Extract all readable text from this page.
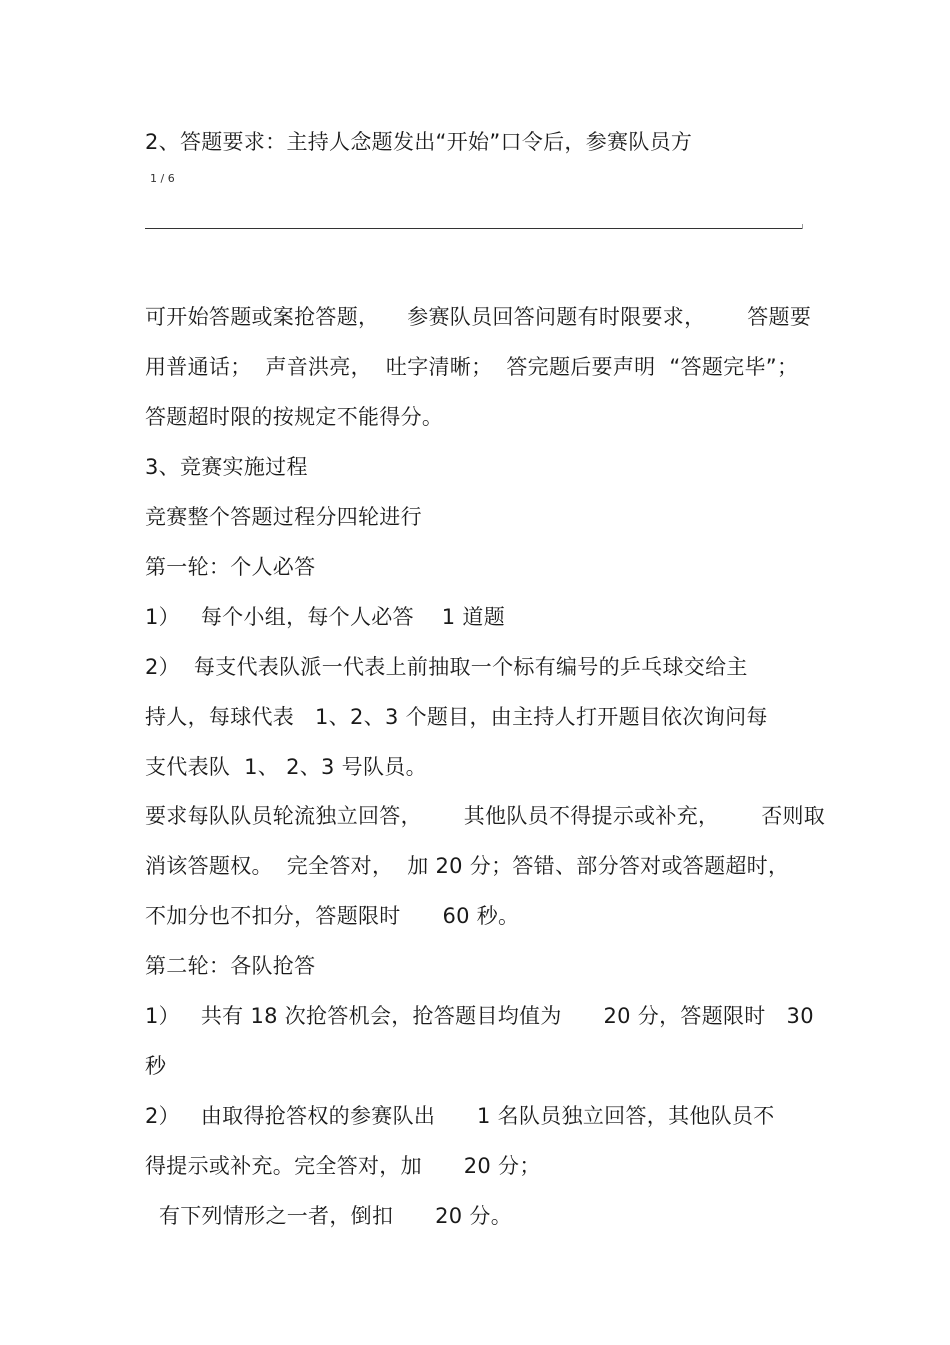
2、答题要求：主持人念题发出“开始”口令后，参赛队员方
1 / 6
可开始答题或案抢答题，    参赛队员回答问题有时限要求，      答题要
用普通话；  声音洪亮，  吐字清晰；  答完题后要声明  “答题完毕”；
答题超时限的按规定不能得分。
3、竞赛实施过程
竞赛整个答题过程分四轮进行
第一轮：个人必答
1）   每个小组，每个人必答    1 道题
2）  每支代表队派一代表上前抽取一个标有编号的乒乓球交给主
持人，每球代表   1、2、3 个题目，由主持人打开题目依次询问每
支代表队  1、 2、3 号队员。
要求每队队员轮流独立回答，      其他队员不得提示或补充，      否则取
消该答题权。  完全答对，  加 20 分；答错、部分答对或答题超时，
不加分也不扣分，答题限时      60 秒。
第二轮：各队抢答
1）   共有 18 次抢答机会，抢答题目均值为      20 分，答题限时   30
秒
2）   由取得抢答权的参赛队出      1 名队员独立回答，其他队员不
得提示或补充。完全答对，加      20 分；
有下列情形之一者，倒扣      20 分。
